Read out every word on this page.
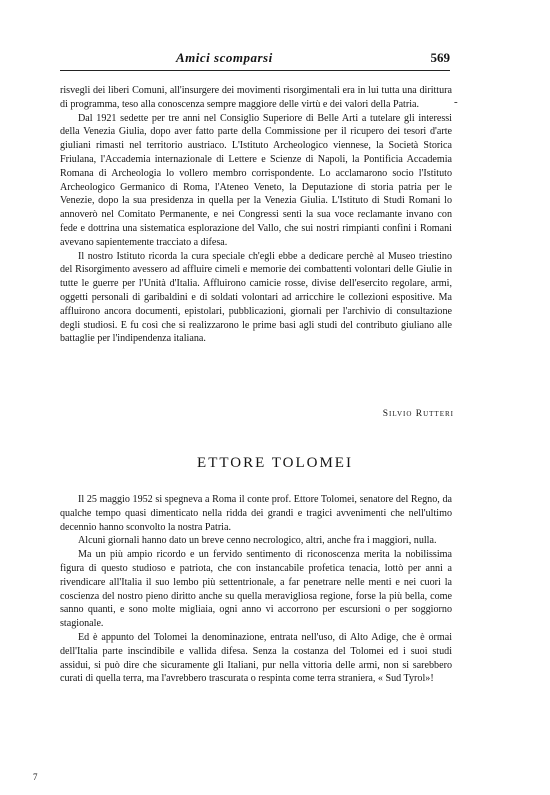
Amici scomparsi	569
-

risvegli dei liberi Comuni, all'insurgere dei movimenti risorgimentali era in lui tutta una dirittura di programma, teso alla conoscenza sempre maggiore delle virtù e dei valori della Patria.

Dal 1921 sedette per tre anni nel Consiglio Superiore di Belle Arti a tutelare gli interessi della Venezia Giulia, dopo aver fatto parte della Commissione per il ricupero dei tesori d'arte giuliani rimasti nel territorio austriaco. L'Istituto Archeologico viennese, la Società Storica Friulana, l'Accademia internazionale di Lettere e Scienze di Napoli, la Pontificia Accademia Romana di Archeologia lo vollero membro corrispondente. Lo acclamarono socio l'Istituto Archeologico Germanico di Roma, l'Ateneo Veneto, la Deputazione di storia patria per le Venezie, dopo la sua presidenza in quella per la Venezia Giulia. L'Istituto di Studi Romani lo annoverò nel Comitato Permanente, e nei Congressi sentì la sua voce reclamante invano con fede e dottrina una sistematica esplorazione del Vallo, che sui nostri rimpianti confini i Romani avevano sapientemente tracciato a difesa.

Il nostro Istituto ricorda la cura speciale ch'egli ebbe a dedicare perchè al Museo triestino del Risorgimento avessero ad affluire cimeli e memorie dei combattenti volontari delle Giulie in tutte le guerre per l'Unità d'Italia. Affluirono camicie rosse, divise dell'esercito regolare, armi, oggetti personali di garibaldini e di soldati volontari ad arricchire le collezioni espositive. Ma affluirono ancora documenti, epistolari, pubblicazioni, giornali per l'archivio di consultazione degli studiosi. E fu così che si realizzarono le prime basi agli studi del contributo giuliano alle battaglie per l'indipendenza italiana.

Silvio Rutteri
ETTORE TOLOMEI

Il 25 maggio 1952 si spegneva a Roma il conte prof. Ettore Tolomei, senatore del Regno, da qualche tempo quasi dimenticato nella ridda dei grandi e tragici avvenimenti che nell'ultimo decennio hanno sconvolto la nostra Patria.

Alcuni giornali hanno dato un breve cenno necrologico, altri, anche fra i maggiori, nulla.

Ma un più ampio ricordo e un fervido sentimento di riconoscenza merita la nobilissima figura di questo studioso e patriota, che con instancabile profetica tenacia, lottò per anni a rivendicare all'Italia il suo lembo più settentrionale, a far penetrare nelle menti e nei cuori la coscienza del nostro pieno diritto anche su quella meravigliosa regione, forse la più bella, come sanno quanti, e sono molte migliaia, ogni anno vi accorrono per escursioni o per soggiorno stagionale.

Ed è appunto del Tolomei la denominazione, entrata nell'uso, di Alto Adige, che è ormai dell'Italia parte inscindibile e vallida difesa. Senza la costanza del Tolomei ed i suoi studi assidui, si può dire che sicuramente gli Italiani, pur nella vittoria delle armi, non si sarebbero curati di quella terra, ma l'avrebbero trascurata o respinta come terra straniera, « Sud Tyrol»!

7
